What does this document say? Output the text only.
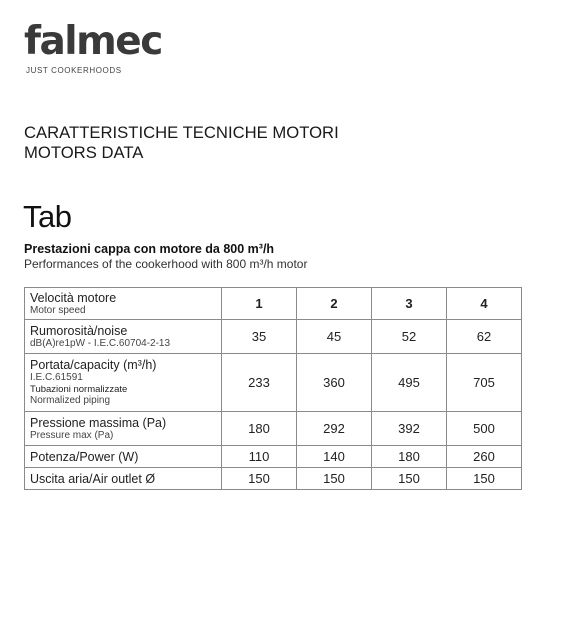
falmec
JUST COOKERHOODS
CARATTERISTICHE TECNICHE MOTORI
MOTORS DATA
Tab
Prestazioni cappa con motore da 800 m³/h
Performances of the cookerhood with 800 m³/h motor
Velocità motore
Motor speed	1	2	3	4

Rumorosità/noise
dB(A)re1pW - I.E.C.60704-2-13	35	45	52	62

Portata/capacity (m³/h)
I.E.C.61591
Tubazioni normalizzate
Normalized piping	233	360	495	705

Pressione massima (Pa)
Pressure max (Pa)	180	292	392	500

Potenza/Power (W)	110	140	180	260

Uscita aria/Air outlet Ø	150	150	150	150
